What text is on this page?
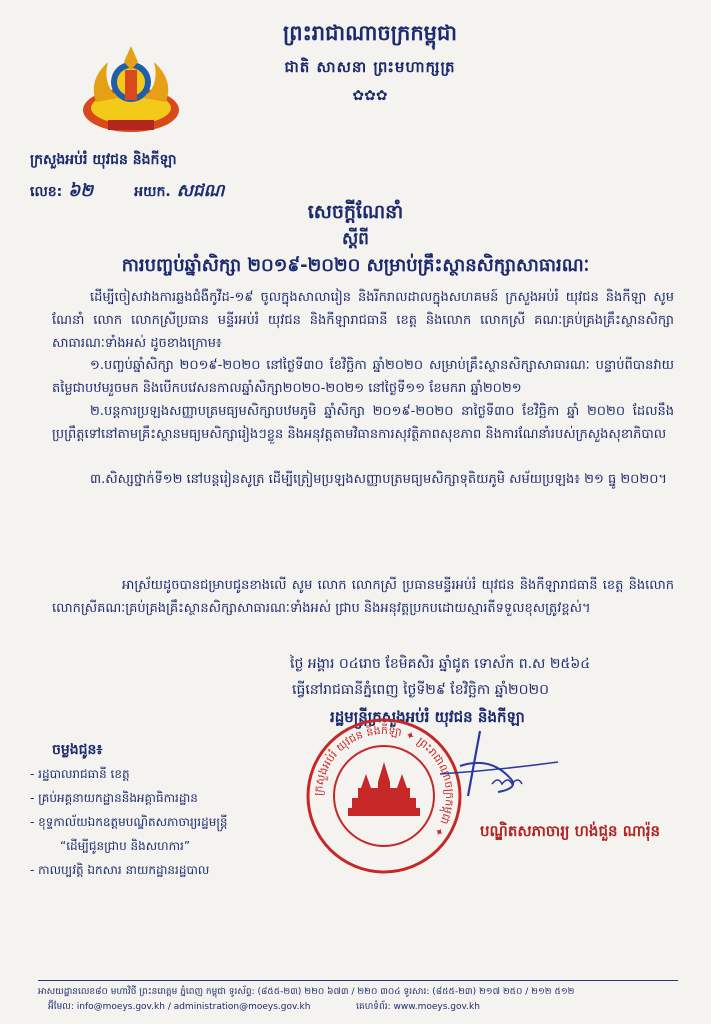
ព្រះរាជាណាចក្រកម្ពុជា
ជាតិ សាសនា ព្រះមហាក្សត្រ
✿✿✿
ក្រសួងអប់រំ យុវជន និងកីឡា
លេខ: ៦២	អយក. សជណ
សេចក្តីណែនាំ
ស្តីពី
ការបញ្ចប់ឆ្នាំសិក្សា ២០១៩-២០២០ សម្រាប់គ្រឹះស្ថានសិក្សាសាធារណៈ
ដើម្បីចៀសវាងការឆ្លងជំងឺកូវីដ-១៩ ចូលក្នុងសាលារៀន និងរីករាលដាលក្នុងសហគមន៍ ក្រសួងអប់រំ យុវជន និងកីឡា សូមណែនាំ លោក លោកស្រីប្រធាន មន្ទីរអប់រំ យុវជន និងកីឡារាជធានី ខេត្ត និងលោក លោកស្រី គណៈគ្រប់គ្រងគ្រឹះស្ថានសិក្សាសាធារណៈទាំងអស់ ដូចខាងក្រោម៖
១.បញ្ចប់ឆ្នាំសិក្សា ២០១៩-២០២០ នៅថ្ងៃទី៣០ ខែវិច្ឆិកា ឆ្នាំ២០២០ សម្រាប់គ្រឹះស្ថានសិក្សាសាធារណៈ បន្ទាប់ពីបានវាយតម្លៃជាបឋមរួចមក និងបើកបវេសនកាលឆ្នាំសិក្សា២០២០-២០២១ នៅថ្ងៃទី១១ ខែមករា ឆ្នាំ២០២១
២.បន្តការប្រឡងសញ្ញាបត្រមធ្យមសិក្សាបឋមភូមិ ឆ្នាំសិក្សា ២០១៩-២០២០ នាថ្ងៃទី៣០ ខែវិច្ឆិកា ឆ្នាំ ២០២០ ដែលនឹងប្រព្រឹត្តទៅនៅតាមគ្រឹះស្ថានមធ្យមសិក្សារៀងៗខ្លួន និងអនុវត្តតាមវិធានការសុវត្ថិភាពសុខភាព និងការណែនាំរបស់ក្រសួងសុខាភិបាល
៣.សិស្សថ្នាក់ទី១២ នៅបន្តរៀនសូត្រ ដើម្បីត្រៀមប្រឡងសញ្ញាបត្រមធ្យមសិក្សាទុតិយភូមិ សម័យប្រឡង៖ ២១ ធ្នូ ២០២០។
អាស្រ័យដូចបានជម្រាបជូនខាងលើ សូម លោក លោកស្រី ប្រធានមន្ទីរអប់រំ យុវជន និងកីឡារាជធានី ខេត្ត និងលោក លោកស្រីគណៈគ្រប់គ្រងគ្រឹះស្ថានសិក្សាសាធារណៈទាំងអស់ ជ្រាប និងអនុវត្តប្រកបដោយស្មារតីទទួលខុសត្រូវខ្ពស់។
ថ្ងៃ អង្គារ ០៤រោច ខែមិគសិរ ឆ្នាំជូត ទោស័ក ព.ស ២៥៦៤
ធ្វើនៅរាជធានីភ្នំពេញ ថ្ងៃទី២៩ ខែវិច្ឆិកា ឆ្នាំ២០២០
រដ្ឋមន្ត្រីក្រសួងអប់រំ យុវជន និងកីឡា
ក្រសួងអប់រំ យុវជន និងកីឡា ✦ ព្រះរាជាណាចក្រកម្ពុជា ✦	បណ្ឌិតសភាចារ្យ ហង់ជួន ណារ៉ុន
ចម្លងជូន៖
- រដ្ឋបាលរាជធានី ខេត្ត
- គ្រប់អគ្គនាយកដ្ឋាននិងអគ្គាធិការដ្ឋាន
- ខុទ្ទកាល័យឯកឧត្តមបណ្ឌិតសភាចារ្យរដ្ឋមន្ត្រី
“ដើម្បីជូនជ្រាប និងសហការ”
- កាលប្បវត្តិ ឯកសារ នាយកដ្ឋានរដ្ឋបាល
អាសយដ្ឋានលេខ៨០ មហាវិថី ព្រះនរោត្តម ភ្នំពេញ កម្ពុជា ទូរស័ព្ទ: (៨៥៥-២៣) ២២០ ៦៧៣ / ២២០ ៣០៤ ទូរសារ: (៨៥៥-២៣) ២១៧ ២៥០ / ២១២ ៥១២
អ៊ីមែល: info@moeys.gov.kh / administration@moeys.gov.kh	គេហទំព័រ: www.moeys.gov.kh
